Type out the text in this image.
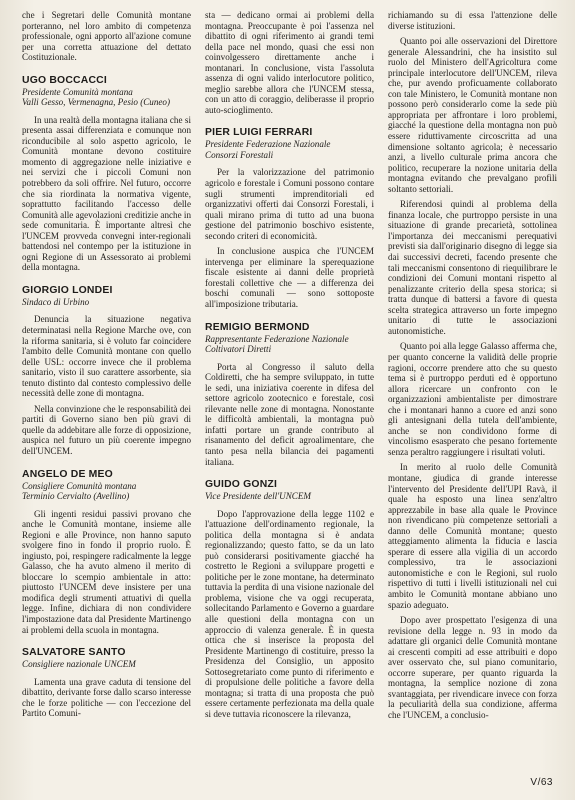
che i Segretari delle Comunità montane porteranno, nel loro ambito di competenza professionale, ogni apporto all'azione comune per una corretta attuazione del dettato Costituzionale.

UGO BOCCACCI
Presidente Comunità montana
Valli Gesso, Vermenagna, Pesio (Cuneo)

In una realtà della montagna italiana che si presenta assai differenziata e comunque non riconducibile al solo aspetto agricolo, le Comunità montane devono costituire momento di aggregazione nelle iniziative e nei servizi che i piccoli Comuni non potrebbero da soli offrire. Nel futuro, occorre che sia riordinata la normativa vigente, soprattutto facilitando l'accesso delle Comunità alle agevolazioni creditizie anche in sede comunitaria. È importante altresì che l'UNCEM provveda convegni inter-regionali battendosi nel contempo per la istituzione in ogni Regione di un Assessorato ai problemi della montagna.

GIORGIO LONDEI
Sindaco di Urbino

Denuncia la situazione negativa determinatasi nella Regione Marche ove, con la riforma sanitaria, si è voluto far coincidere l'ambito delle Comunità montane con quello delle USL: occorre invece che il problema sanitario, visto il suo carattere assorbente, sia tenuto distinto dal contesto complessivo delle necessità delle zone di montagna.

Nella convinzione che le responsabilità dei partiti di Governo siano ben più gravi di quelle da addebitare alle forze di opposizione, auspica nel futuro un più coerente impegno dell'UNCEM.

ANGELO DE MEO
Consigliere Comunità montana
Terminio Cervialto (Avellino)

Gli ingenti residui passivi provano che anche le Comunità montane, insieme alle Regioni e alle Province, non hanno saputo svolgere fino in fondo il proprio ruolo. È ingiusto, poi, respingere radicalmente la legge Galasso, che ha avuto almeno il merito di bloccare lo scempio ambientale in atto: piuttosto l'UNCEM deve insistere per una modifica degli strumenti attuativi di quella legge. Infine, dichiara di non condividere l'impostazione data dal Presidente Martinengo ai problemi della scuola in montagna.

SALVATORE SANTO
Consigliere nazionale UNCEM

Lamenta una grave caduta di tensione del dibattito, derivante forse dallo scarso interesse che le forze politiche — con l'eccezione del Partito Comuni-

sta — dedicano ormai ai problemi della montagna. Preoccupante è poi l'assenza nel dibattito di ogni riferimento ai grandi temi della pace nel mondo, quasi che essi non coinvolgessero direttamente anche i montanari. In conclusione, vista l'assoluta assenza di ogni valido interlocutore politico, meglio sarebbe allora che l'UNCEM stessa, con un atto di coraggio, deliberasse il proprio auto-scioglimento.

PIER LUIGI FERRARI
Presidente Federazione Nazionale
Consorzi Forestali

Per la valorizzazione del patrimonio agricolo e forestale i Comuni possono contare sugli strumenti imprenditoriali ed organizzativi offerti dai Consorzi Forestali, i quali mirano prima di tutto ad una buona gestione del patrimonio boschivo esistente, secondo criteri di economicità.

In conclusione auspica che l'UNCEM intervenga per eliminare la sperequazione fiscale esistente ai danni delle proprietà forestali collettive che — a differenza dei boschi comunali — sono sottoposte all'imposizione tributaria.

REMIGIO BERMOND
Rappresentante Federazione Nazionale
Coltivatori Diretti

Porta al Congresso il saluto della Coldiretti, che ha sempre sviluppato, in tutte le sedi, una iniziativa coerente in difesa del settore agricolo zootecnico e forestale, così rilevante nelle zone di montagna. Nonostante le difficoltà ambientali, la montagna può infatti portare un grande contributo al risanamento del deficit agroalimentare, che tanto pesa nella bilancia dei pagamenti italiana.

GUIDO GONZI
Vice Presidente dell'UNCEM

Dopo l'approvazione della legge 1102 e l'attuazione dell'ordinamento regionale, la politica della montagna si è andata regionalizzando; questo fatto, se da un lato può considerarsi positivamente giacché ha costretto le Regioni a sviluppare progetti e politiche per le zone montane, ha determinato tuttavia la perdita di una visione nazionale del problema, visione che va oggi recuperata, sollecitando Parlamento e Governo a guardare alle questioni della montagna con un approccio di valenza generale. È in questa ottica che si inserisce la proposta del Presidente Martinengo di costituire, presso la Presidenza del Consiglio, un apposito Sottosegretariato come punto di riferimento e di propulsione delle politiche a favore della montagna; si tratta di una proposta che può essere certamente perfezionata ma della quale si deve tuttavia riconoscere la rilevanza,

richiamando su di essa l'attenzione delle diverse istituzioni.

Quanto poi alle osservazioni del Direttore generale Alessandrini, che ha insistito sul ruolo del Ministero dell'Agricoltura come principale interlocutore dell'UNCEM, rileva che, pur avendo proficuamente collaborato con tale Ministero, le Comunità montane non possono però considerarlo come la sede più appropriata per affrontare i loro problemi, giacché la questione della montagna non può essere riduttivamente circoscritta ad una dimensione soltanto agricola; è necessario anzi, a livello culturale prima ancora che politico, recuperare la nozione unitaria della montagna evitando che prevalgano profili soltanto settoriali.

Riferendosi quindi al problema della finanza locale, che purtroppo persiste in una situazione di grande precarietà, sottolinea l'importanza dei meccanismi perequativi previsti sia dall'originario disegno di legge sia dai successivi decreti, facendo presente che tali meccanismi consentono di riequilibrare le condizioni dei Comuni montani rispetto al penalizzante criterio della spesa storica; si tratta dunque di battersi a favore di questa scelta strategica attraverso un forte impegno unitario di tutte le associazioni autonomistiche.

Quanto poi alla legge Galasso afferma che, per quanto concerne la validità delle proprie ragioni, occorre prendere atto che su questo tema si è purtroppo perduti ed è opportuno allora ricercare un confronto con le organizzazioni ambientaliste per dimostrare che i montanari hanno a cuore ed anzi sono gli antesignani della tutela dell'ambiente, anche se non condividono forme di vincolismo esasperato che pesano fortemente senza peraltro raggiungere i risultati voluti.

In merito al ruolo delle Comunità montane, giudica di grande interesse l'intervento del Presidente dell'UPI Ravà, il quale ha esposto una linea senz'altro apprezzabile in base alla quale le Province non rivendicano più competenze settoriali a danno delle Comunità montane; questo atteggiamento alimenta la fiducia e lascia sperare di essere alla vigilia di un accordo complessivo, tra le associazioni autonomistiche e con le Regioni, sul ruolo rispettivo di tutti i livelli istituzionali nel cui ambito le Comunità montane abbiano uno spazio adeguato.

Dopo aver prospettato l'esigenza di una revisione della legge n. 93 in modo da adattare gli organici delle Comunità montane ai crescenti compiti ad esse attribuiti e dopo aver osservato che, sul piano comunitario, occorre superare, per quanto riguarda la montagna, la semplice nozione di zona svantaggiata, per rivendicare invece con forza la peculiarità della sua condizione, afferma che l'UNCEM, a conclusio-

V/63
